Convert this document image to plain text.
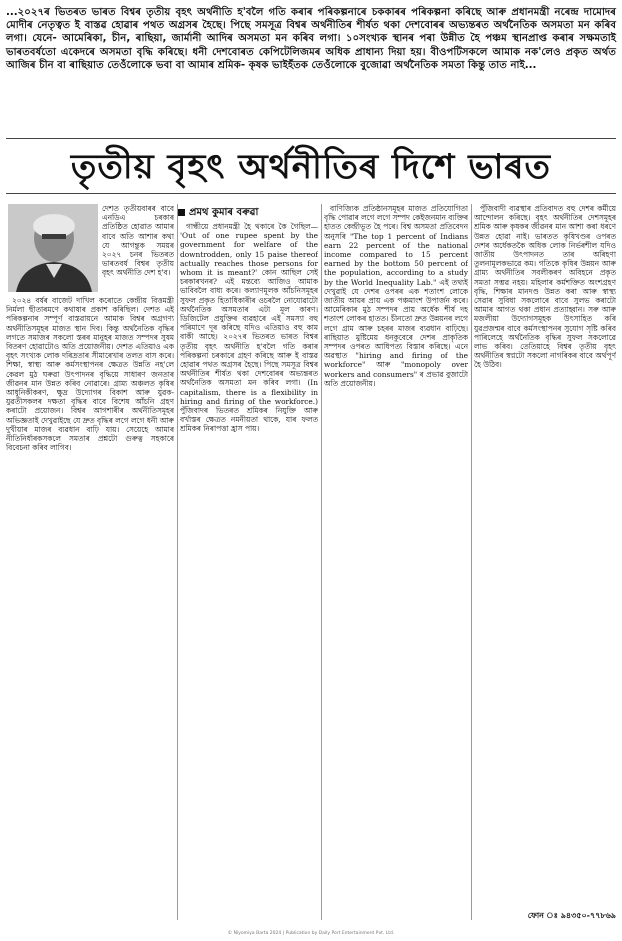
...২০২৭ৰ ভিতৰত ভাৰত বিশ্বৰ তৃতীয় বৃহৎ অৰ্থনীতি হ'বলৈ গতি কৰাৰ পৰিকল্পনাৰে চককাৰৰ পৰিকল্পনা কৰিছে আৰু প্ৰধানমন্ত্ৰী নৰেন্দ্ৰ দামোদৰ মোদীৰ নেতৃত্বত ই বাস্তৱ হোৱাৰ পথত অগ্ৰসৰ হৈছে। পিছে সমসূত্ৰ বিশ্বৰ অৰ্থনীতিৰ শীৰ্ষত থকা দেশবোৰৰ অভ্যন্তৰত অৰ্থনৈতিক অসমতা মন কৰিব লগা। যেনে- আমেৰিকা, চীন, ৰাছিয়া, জাৰ্মানী আদিৰ অসমতা মন কৰিব লগা। ১০সংখ্যক স্থানৰ পৰা উন্নীত হৈ পঞ্চম স্থানপ্ৰাপ্ত কৰাৰ সক্ষমতাই ভাৰতবৰ্ষতো একেদৰে অসমতা বৃদ্ধি কৰিছে। ধনী দেশবোৰত কেপিটেলিজমৰ অধিক প্ৰাধান্য দিয়া হয়। বীওপটিসকলে আমাক নক'লেও প্ৰকৃত অৰ্থত আজিৰ চীন বা ৰাছিয়াত তেওঁলোকে ভবা বা আমাৰ শ্ৰমিক- কৃষক ভাইহঁতক তেওঁলোকে বুজোৱা অৰ্থনৈতিক সমতা কিন্তু তাত নাই...
তৃতীয় বৃহৎ অৰ্থনীতিৰ দিশে ভাৰত
দেশত তৃতীয়বাৰৰ বাবে এনডিএ চৰকাৰ প্ৰতিষ্ঠিত হোৱাত আমাৰ বাবে অতি আশাৰ কথা যে আগন্তুক সময়ৰ ২০২৭ চনৰ ভিতৰত ভাৰতবৰ্ষ বিশ্বৰ তৃতীয় বৃহৎ অৰ্থনীতি দেশ হ'ব।
প্ৰমথ কুমাৰ বৰুৱা

২০২৪ বৰ্ষৰ বাজেট দাখিল কৰোতে কেন্দ্ৰীয় বিত্তমন্ত্ৰী নিৰ্মলা ছীতাৰমণে কথাষাৰ প্ৰকাশ কৰিছিল। দেশত এই পৰিকল্পনাৰ সম্পূৰ্ণ বাস্তৱায়নে আমাক বিশ্বৰ অগ্ৰগণ্য অৰ্থনীতিসমূহৰ মাজত স্থান দিব। কিন্তু অৰ্থনৈতিক বৃদ্ধিৰ লগতে সমাজৰ সকলো স্তৰৰ মানুহৰ মাজত সম্পদৰ সুষম বিতৰণ হোৱাটোও অতি প্ৰয়োজনীয়। দেশত এতিয়াও এক বৃহৎ সংখ্যক লোক দৰিদ্ৰতাৰ সীমাৰেখাৰ তলত বাস কৰে। শিক্ষা, স্বাস্থ্য আৰু কৰ্মসংস্থাপনৰ ক্ষেত্ৰত উন্নতি নহ'লে কেৱল মুঠ ঘৰুৱা উৎপাদনৰ বৃদ্ধিয়ে সাধাৰণ জনতাৰ জীৱনৰ মান উন্নত কৰিব নোৱাৰে। গ্ৰাম্য অঞ্চলত কৃষিৰ আধুনিকীকৰণ, ক্ষুদ্ৰ উদ্যোগৰ বিকাশ আৰু যুৱক-যুৱতীসকলৰ দক্ষতা বৃদ্ধিৰ বাবে বিশেষ আঁচনি গ্ৰহণ কৰাটো প্ৰয়োজন। বিশ্বৰ আগশাৰীৰ অৰ্থনীতিসমূহৰ অভিজ্ঞতাই দেখুৱাইছে যে দ্ৰুত বৃদ্ধিৰ লগে লগে ধনী আৰু দুখীয়াৰ মাজৰ ব্যৱধান বাঢ়ি যায়। সেয়েহে আমাৰ নীতিনিৰ্ধাৰকসকলে সমতাৰ প্ৰশ্নটো গুৰুত্ব সহকাৰে বিবেচনা কৰিব লাগিব।

গান্ধীয়ে প্ৰধানমন্ত্ৰী হৈ থকাৰে কৈ গৈছিল— 'Out of one rupee spent by the government for welfare of the downtrodden, only 15 paise thereof actually reaches those persons for whom it is meant?' কোন আছিল সেই চৰকাৰখনৰ? এই মন্তব্যে আজিও আমাক ভাবিবলৈ বাধ্য কৰে। কল্যাণমূলক আঁচনিসমূহৰ সুফল প্ৰকৃত হিতাধিকাৰীৰ ওচৰলৈ নোযোৱাটো অৰ্থনৈতিক অসমতাৰ এটা মূল কাৰণ। ডিজিটেল প্ৰযুক্তিৰ ব্যৱহাৰে এই সমস্যা বহু পৰিমাণে দূৰ কৰিছে যদিও এতিয়াও বহু কাম বাকী আছে। ২০২৭ৰ ভিতৰত ভাৰত বিশ্বৰ তৃতীয় বৃহৎ অৰ্থনীতি হ'বলৈ গতি কৰাৰ পৰিকল্পনা চৰকাৰে গ্ৰহণ কৰিছে আৰু ই বাস্তৱ হোৱাৰ পথত অগ্ৰসৰ হৈছে। পিছে সমসূত্ৰ বিশ্বৰ অৰ্থনীতিৰ শীৰ্ষত থকা দেশবোৰৰ অভ্যন্তৰত অৰ্থনৈতিক অসমতা মন কৰিব লগা। (In capitalism, there is a flexibility in hiring and firing of the workforce.) পুঁজিবাদৰ ভিতৰত শ্ৰমিকৰ নিযুক্তি আৰু বৰ্খাস্তৰ ক্ষেত্ৰত নমনীয়তা থাকে, যাৰ ফলত শ্ৰমিকৰ নিৰাপত্তা হ্ৰাস পায়।

বাণিজ্যিক প্ৰতিষ্ঠানসমূহৰ মাজত প্ৰতিযোগিতা বৃদ্ধি পোৱাৰ লগে লগে সম্পদ কেইজনমান ব্যক্তিৰ হাতত কেন্দ্ৰীভূত হৈ পৰে। বিশ্ব অসমতা প্ৰতিবেদন অনুসৰি "The top 1 percent of Indians earn 22 percent of the national income compared to 15 percent earned by the bottom 50 percent of the population, according to a study by the World Inequality Lab." এই তথ্যই দেখুৱাই যে দেশৰ ওপৰৰ এক শতাংশ লোকে জাতীয় আয়ৰ প্ৰায় এক পঞ্চমাংশ উপাৰ্জন কৰে। আমেৰিকাৰ মুঠ সম্পদৰ প্ৰায় অৰ্ধেক শীৰ্ষ দহ শতাংশ লোকৰ হাতত। চীনতো দ্ৰুত উন্নয়নৰ লগে লগে গ্ৰাম আৰু চহৰৰ মাজৰ ব্যৱধান বাঢ়িছে। ৰাছিয়াত মুষ্টিমেয় ধনকুবেৰে দেশৰ প্ৰাকৃতিক সম্পদৰ ওপৰত আধিপত্য বিস্তাৰ কৰিছে। এনে অৱস্থাত "hiring and firing of the workforce" আৰু "monopoly over workers and consumers" ৰ প্ৰভাৱ বুজাটো অতি প্ৰয়োজনীয়।

পুঁজিবাদী ব্যৱস্থাৰ প্ৰতিবাদত বহু দেশৰ কৰ্মীয়ে আন্দোলন কৰিছে। বৃহৎ অৰ্থনীতিৰ দেশসমূহৰ শ্ৰমিক আৰু কৃষকৰ জীৱনৰ মান আশা কৰা ধৰণে উন্নত হোৱা নাই। ভাৰতত কৃষিখণ্ডৰ ওপৰত দেশৰ অৰ্ধেকতকৈ অধিক লোক নিৰ্ভৰশীল যদিও জাতীয় উৎপাদনত তাৰ অৰিহণা তুলনামূলকভাৱে কম। গতিকে কৃষিৰ উন্নয়ন আৰু গ্ৰাম্য অৰ্থনীতিৰ সবলীকৰণ অবিহনে প্ৰকৃত সমতা সম্ভৱ নহয়। মহিলাৰ কৰ্মশক্তিত অংশগ্ৰহণ বৃদ্ধি, শিক্ষাৰ মানদণ্ড উন্নত কৰা আৰু স্বাস্থ্য সেৱাৰ সুবিধা সকলোৰে বাবে সুলভ কৰাটো আমাৰ আগত থকা প্ৰধান প্ৰত্যাহ্বান। সৰু আৰু মজলীয়া উদ্যোগসমূহক উৎসাহিত কৰি যুৱপ্ৰজন্মৰ বাবে কৰ্মসংস্থাপনৰ সুযোগ সৃষ্টি কৰিব পাৰিলেহে অৰ্থনৈতিক বৃদ্ধিৰ সুফল সকলোৱে লাভ কৰিব। তেতিয়াহে বিশ্বৰ তৃতীয় বৃহৎ অৰ্থনীতিৰ স্বপ্নটো সকলো নাগৰিকৰ বাবে অৰ্থপূৰ্ণ হৈ উঠিব।

ফোন ঃ ৯৪৩৫০-৭৭৮৬৯
© Niyomiya Barta 2024 | Publication by Daily Port Entertainment Pvt. Ltd.
